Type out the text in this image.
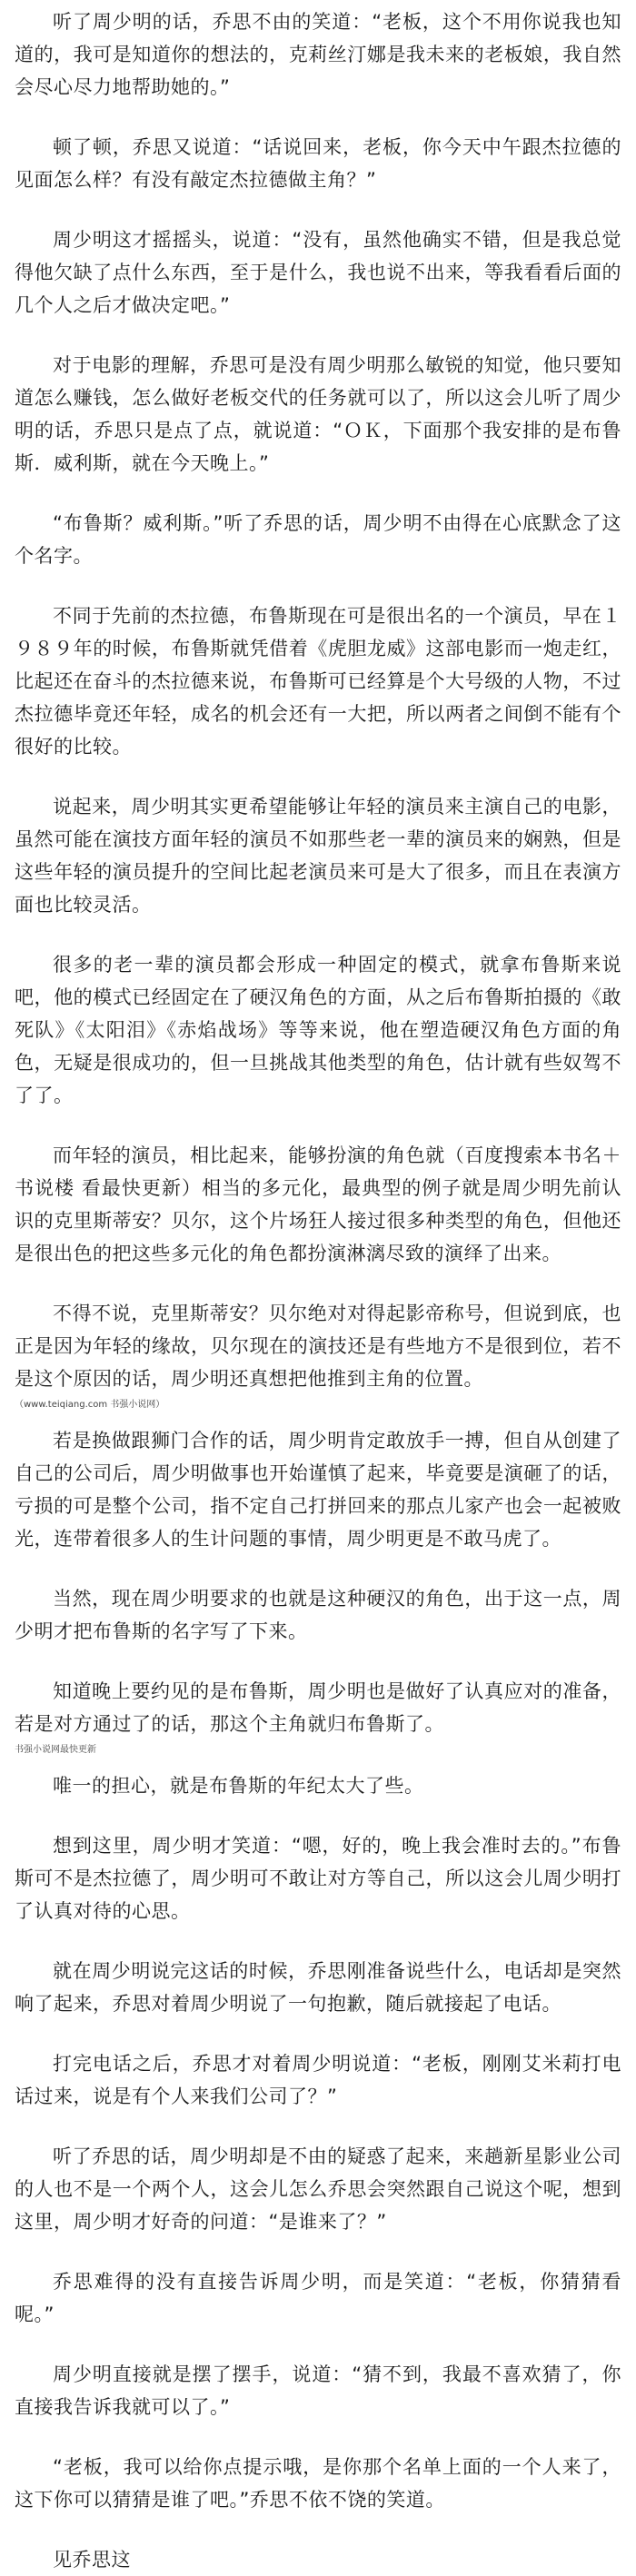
听了周少明的话，乔思不由的笑道：“老板，这个不用你说我也知道的，我可是知道你的想法的，克莉丝汀娜是我未来的老板娘，我自然会尽心尽力地帮助她的。”

顿了顿，乔思又说道：“话说回来，老板，你今天中午跟杰拉德的见面怎么样？有没有敲定杰拉德做主角？”

周少明这才摇摇头，说道：“没有，虽然他确实不错，但是我总觉得他欠缺了点什么东西，至于是什么，我也说不出来，等我看看后面的几个人之后才做决定吧。”

对于电影的理解，乔思可是没有周少明那么敏锐的知觉，他只要知道怎么赚钱，怎么做好老板交代的任务就可以了，所以这会儿听了周少明的话，乔思只是点了点，就说道：“ＯＫ，下面那个我安排的是布鲁斯．威利斯，就在今天晚上。”

“布鲁斯？威利斯。”听了乔思的话，周少明不由得在心底默念了这个名字。

不同于先前的杰拉德，布鲁斯现在可是很出名的一个演员，早在１９８９年的时候，布鲁斯就凭借着《虎胆龙威》这部电影而一炮走红，比起还在奋斗的杰拉德来说，布鲁斯可已经算是个大号级的人物，不过杰拉德毕竟还年轻，成名的机会还有一大把，所以两者之间倒不能有个很好的比较。

说起来，周少明其实更希望能够让年轻的演员来主演自己的电影，虽然可能在演技方面年轻的演员不如那些老一辈的演员来的娴熟，但是这些年轻的演员提升的空间比起老演员来可是大了很多，而且在表演方面也比较灵活。

很多的老一辈的演员都会形成一种固定的模式，就拿布鲁斯来说吧，他的模式已经固定在了硬汉角色的方面，从之后布鲁斯拍摄的《敢死队》《太阳泪》《赤焰战场》等等来说，他在塑造硬汉角色方面的角色，无疑是很成功的，但一旦挑战其他类型的角色，估计就有些奴驾不了了。

而年轻的演员，相比起来，能够扮演的角色就（百度搜索本书名＋书说楼 看最快更新）相当的多元化，最典型的例子就是周少明先前认识的克里斯蒂安？贝尔，这个片场狂人接过很多种类型的角色，但他还是很出色的把这些多元化的角色都扮演淋漓尽致的演绎了出来。

不得不说，克里斯蒂安？贝尔绝对对得起影帝称号，但说到底，也正是因为年轻的缘故，贝尔现在的演技还是有些地方不是很到位，若不是这个原因的话，周少明还真想把他推到主角的位置。

（www.teiqiang.com 书强小说网）

若是换做跟狮门合作的话，周少明肯定敢放手一搏，但自从创建了自己的公司后，周少明做事也开始谨慎了起来，毕竟要是演砸了的话，亏损的可是整个公司，指不定自己打拼回来的那点儿家产也会一起被败光，连带着很多人的生计问题的事情，周少明更是不敢马虎了。

当然，现在周少明要求的也就是这种硬汉的角色，出于这一点，周少明才把布鲁斯的名字写了下来。

知道晚上要约见的是布鲁斯，周少明也是做好了认真应对的准备，若是对方通过了的话，那这个主角就归布鲁斯了。

书强小说网最快更新

唯一的担心，就是布鲁斯的年纪太大了些。

想到这里，周少明才笑道：“嗯，好的，晚上我会准时去的。”布鲁斯可不是杰拉德了，周少明可不敢让对方等自己，所以这会儿周少明打了认真对待的心思。

就在周少明说完这话的时候，乔思刚准备说些什么，电话却是突然响了起来，乔思对着周少明说了一句抱歉，随后就接起了电话。

打完电话之后，乔思才对着周少明说道：“老板，刚刚艾米莉打电话过来，说是有个人来我们公司了？”

听了乔思的话，周少明却是不由的疑惑了起来，来趟新星影业公司的人也不是一个两个人，这会儿怎么乔思会突然跟自己说这个呢，想到这里，周少明才好奇的问道：“是谁来了？”

乔思难得的没有直接告诉周少明，而是笑道：“老板，你猜猜看呢。”

周少明直接就是摆了摆手，说道：“猜不到，我最不喜欢猜了，你直接我告诉我就可以了。”

“老板，我可以给你点提示哦，是你那个名单上面的一个人来了，这下你可以猜猜是谁了吧。”乔思不依不饶的笑道。

见乔思这
